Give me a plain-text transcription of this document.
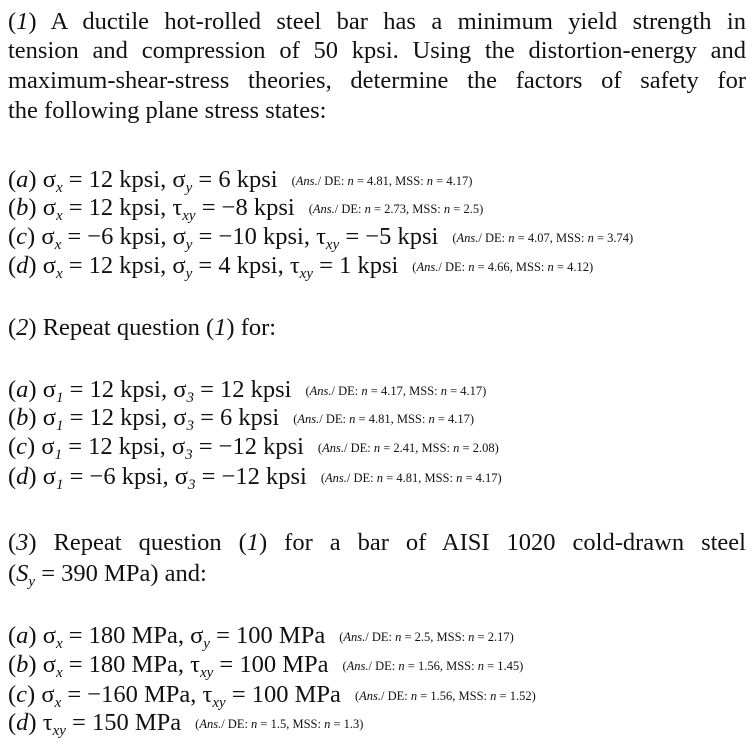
(1) A ductile hot-rolled steel bar has a minimum yield strength in
tension and compression of 50 kpsi. Using the distortion-energy and
maximum-shear-stress theories, determine the factors of safety for
the following plane stress states:
(a) $\sigma_x = 12$ kpsi, $\sigma_y = 6$ kpsi (Ans./ DE: n = 4.81, MSS: n = 4.17)
(b) $\sigma_x = 12$ kpsi, $\tau_{xy} = -8$ kpsi (Ans./ DE: n = 2.73, MSS: n = 2.5)
(c) $\sigma_x = -6$ kpsi, $\sigma_y = -10$ kpsi, $\tau_{xy} = -5$ kpsi (Ans./ DE: n = 4.07, MSS: n = 3.74)
(d) $\sigma_x = 12$ kpsi, $\sigma_y = 4$ kpsi, $\tau_{xy} = 1$ kpsi (Ans./ DE: n = 4.66, MSS: n = 4.12)
(2) Repeat question (1) for:
(a) $\sigma_1 = 12$ kpsi, $\sigma_3 = 12$ kpsi (Ans./ DE: n = 4.17, MSS: n = 4.17)
(b) $\sigma_1 = 12$ kpsi, $\sigma_3 = 6$ kpsi (Ans./ DE: n = 4.81, MSS: n = 4.17)
(c) $\sigma_1 = 12$ kpsi, $\sigma_3 = -12$ kpsi (Ans./ DE: n = 2.41, MSS: n = 2.08)
(d) $\sigma_1 = -6$ kpsi, $\sigma_3 = -12$ kpsi (Ans./ DE: n = 4.81, MSS: n = 4.17)
(3) Repeat question (1) for a bar of AISI 1020 cold-drawn steel
($S_y = 390$ MPa) and:
(a) $\sigma_x = 180$ MPa, $\sigma_y = 100$ MPa (Ans./ DE: n = 2.5, MSS: n = 2.17)
(b) $\sigma_x = 180$ MPa, $\tau_{xy} = 100$ MPa (Ans./ DE: n = 1.56, MSS: n = 1.45)
(c) $\sigma_x = -160$ MPa, $\tau_{xy} = 100$ MPa (Ans./ DE: n = 1.56, MSS: n = 1.52)
(d) $\tau_{xy} = 150$ MPa (Ans./ DE: n = 1.5, MSS: n = 1.3)
